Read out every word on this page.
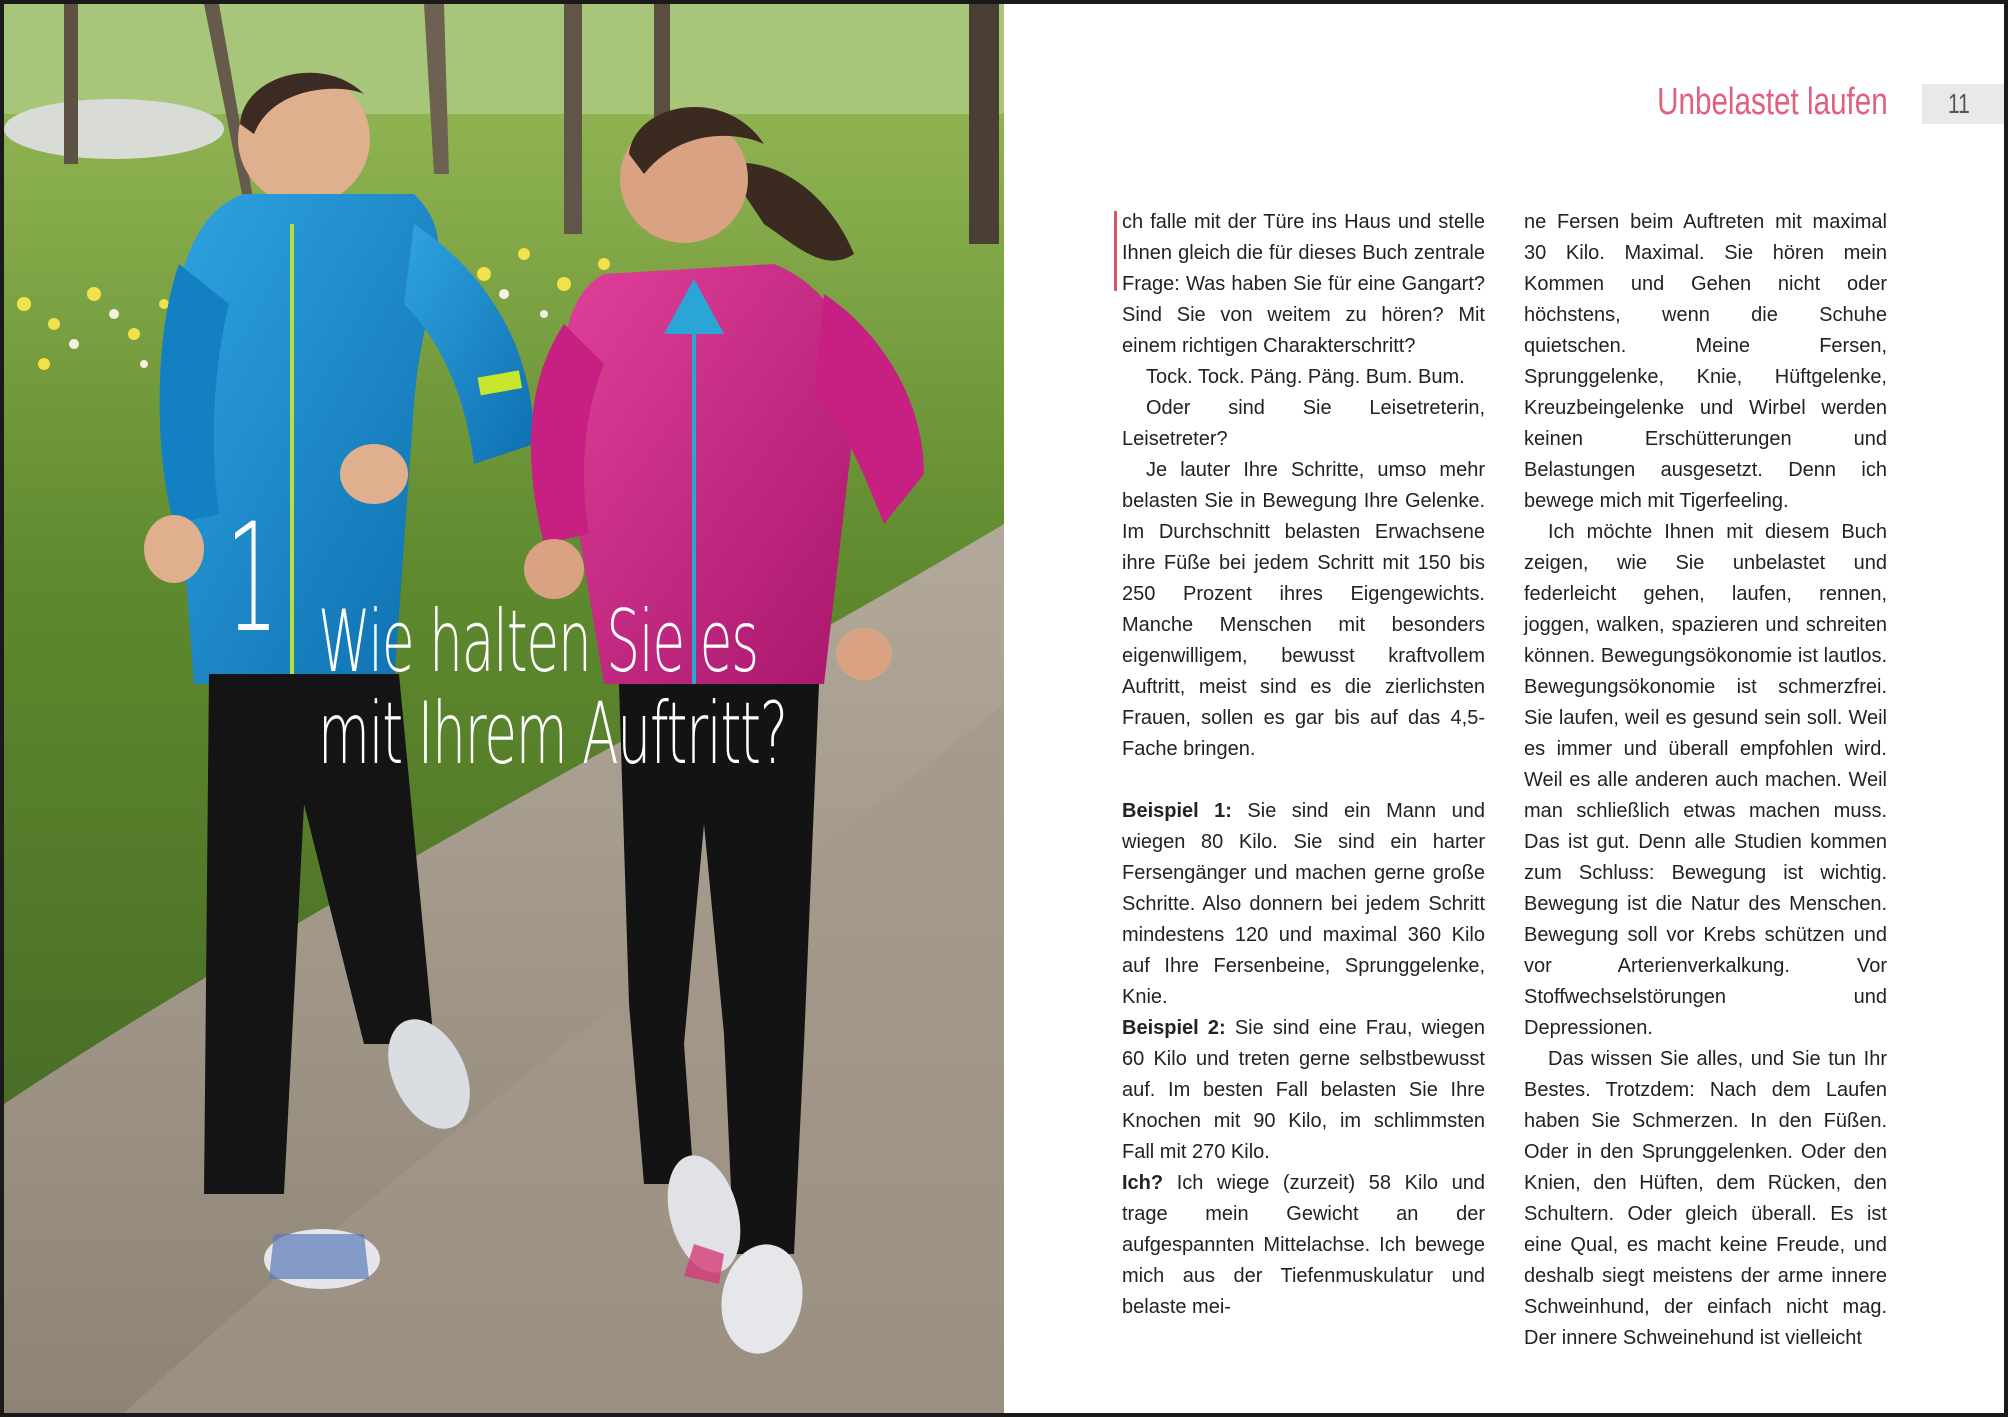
1 Wie halten Sie es
mit Ihrem Auftritt?
Unbelastet laufen 11

ch falle mit der Türe ins Haus und stelle Ihnen gleich die für dieses Buch zentrale Frage: Was haben Sie für eine Gangart? Sind Sie von weitem zu hören? Mit einem richtigen Charakterschritt?

Tock. Tock. Päng. Päng. Bum. Bum.

Oder sind Sie Leisetreterin, Leisetreter?

Je lauter Ihre Schritte, umso mehr belasten Sie in Bewegung Ihre Gelenke. Im Durchschnitt belasten Erwachsene ihre Füße bei jedem Schritt mit 150 bis 250 Prozent ihres Eigengewichts. Manche Menschen mit besonders eigenwilligem, bewusst kraftvollem Auftritt, meist sind es die zierlichsten Frauen, sollen es gar bis auf das 4,5-Fache bringen.

Beispiel 1: Sie sind ein Mann und wiegen 80 Kilo. Sie sind ein harter Fersengänger und machen gerne große Schritte. Also donnern bei jedem Schritt mindestens 120 und maximal 360 Kilo auf Ihre Fersenbeine, Sprunggelenke, Knie.

Beispiel 2: Sie sind eine Frau, wiegen 60 Kilo und treten gerne selbstbewusst auf. Im besten Fall belasten Sie Ihre Knochen mit 90 Kilo, im schlimmsten Fall mit 270 Kilo.

Ich? Ich wiege (zurzeit) 58 Kilo und trage mein Gewicht an der aufgespannten Mittelachse. Ich bewege mich aus der Tiefenmuskulatur und belaste mei-

ne Fersen beim Auftreten mit maximal 30 Kilo. Maximal. Sie hören mein Kommen und Gehen nicht oder höchstens, wenn die Schuhe quietschen. Meine Fersen, Sprunggelenke, Knie, Hüftgelenke, Kreuzbeingelenke und Wirbel werden keinen Erschütterungen und Belastungen ausgesetzt. Denn ich bewege mich mit Tigerfeeling.

Ich möchte Ihnen mit diesem Buch zeigen, wie Sie unbelastet und federleicht gehen, laufen, rennen, joggen, walken, spazieren und schreiten können. Bewegungsökonomie ist lautlos. Bewegungsökonomie ist schmerzfrei. Sie laufen, weil es gesund sein soll. Weil es immer und überall empfohlen wird. Weil es alle anderen auch machen. Weil man schließlich etwas machen muss. Das ist gut. Denn alle Studien kommen zum Schluss: Bewegung ist wichtig. Bewegung ist die Natur des Menschen. Bewegung soll vor Krebs schützen und vor Arterienverkalkung. Vor Stoffwechselstörungen und Depressionen.

Das wissen Sie alles, und Sie tun Ihr Bestes. Trotzdem: Nach dem Laufen haben Sie Schmerzen. In den Füßen. Oder in den Sprunggelenken. Oder den Knien, den Hüften, dem Rücken, den Schultern. Oder gleich überall. Es ist eine Qual, es macht keine Freude, und deshalb siegt meistens der arme innere Schweinhund, der einfach nicht mag. Der innere Schweinehund ist vielleicht
